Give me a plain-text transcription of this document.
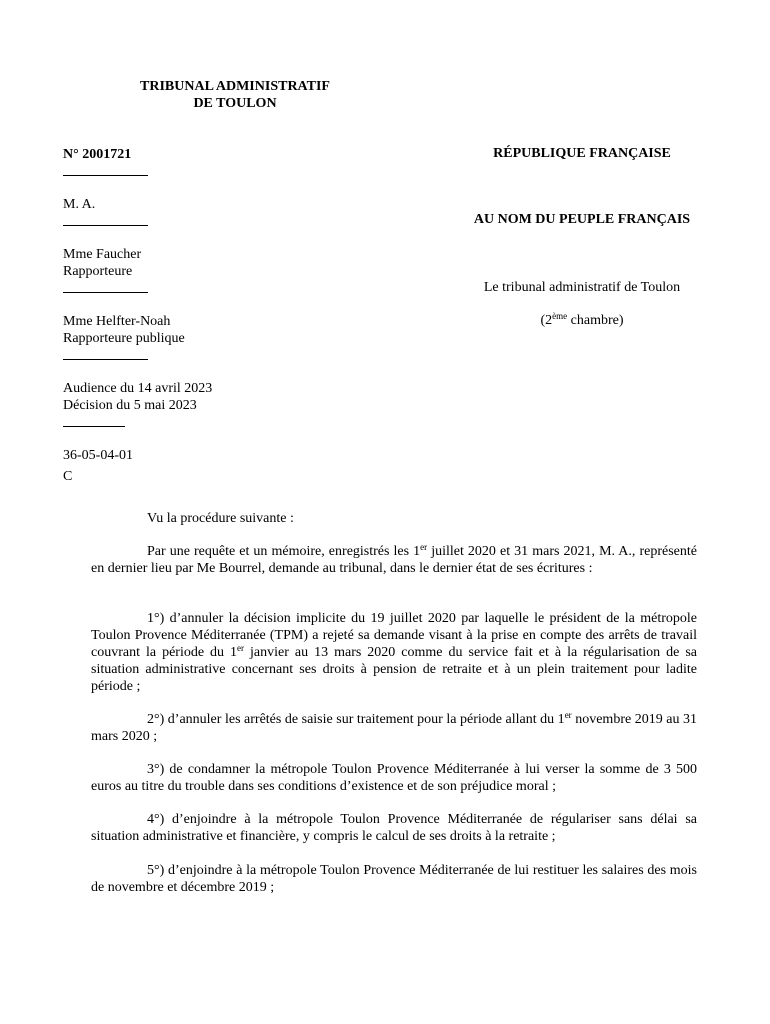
TRIBUNAL ADMINISTRATIF
DE TOULON
N° 2001721
M. A.
Mme Faucher
Rapporteure
Mme Helfter-Noah
Rapporteure publique
Audience du 14 avril 2023
Décision du 5 mai 2023
36-05-04-01
C
RÉPUBLIQUE FRANÇAISE
AU NOM DU PEUPLE FRANÇAIS
Le tribunal administratif de Toulon
(2ème chambre)
Vu la procédure suivante :
Par une requête et un mémoire, enregistrés les 1er juillet 2020 et 31 mars 2021, M. A., représenté en dernier lieu par Me Bourrel, demande au tribunal, dans le dernier état de ses écritures :
1°) d’annuler la décision implicite du 19 juillet 2020 par laquelle le président de la métropole Toulon Provence Méditerranée (TPM) a rejeté sa demande visant à la prise en compte des arrêts de travail couvrant la période du 1er janvier au 13 mars 2020 comme du service fait et à la régularisation de sa situation administrative concernant ses droits à pension de retraite et à un plein traitement pour ladite période ;
2°) d’annuler les arrêtés de saisie sur traitement pour la période allant du 1er novembre 2019 au 31 mars 2020 ;
3°) de condamner la métropole Toulon Provence Méditerranée à lui verser la somme de 3 500 euros au titre du trouble dans ses conditions d’existence et de son préjudice moral ;
4°) d’enjoindre à la métropole Toulon Provence Méditerranée de régulariser sans délai sa situation administrative et financière, y compris le calcul de ses droits à la retraite ;
5°) d’enjoindre à la métropole Toulon Provence Méditerranée de lui restituer les salaires des mois de novembre et décembre 2019 ;
